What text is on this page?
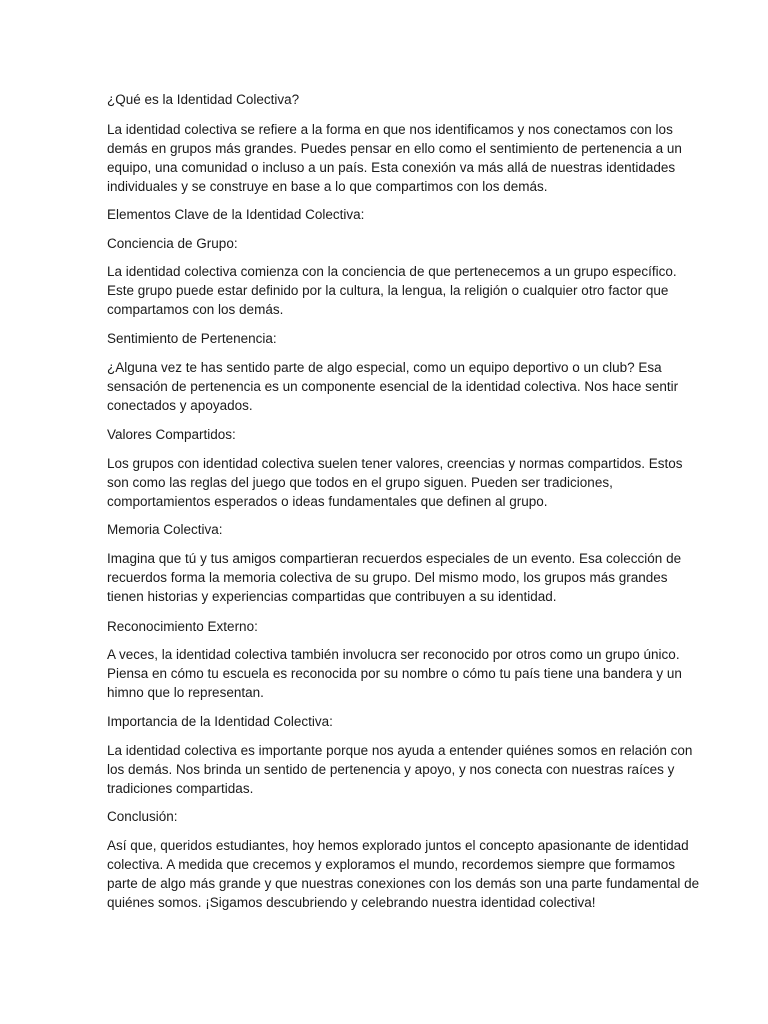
¿Qué es la Identidad Colectiva?

La identidad colectiva se refiere a la forma en que nos identificamos y nos conectamos con los
demás en grupos más grandes. Puedes pensar en ello como el sentimiento de pertenencia a un
equipo, una comunidad o incluso a un país. Esta conexión va más allá de nuestras identidades
individuales y se construye en base a lo que compartimos con los demás.

Elementos Clave de la Identidad Colectiva:

Conciencia de Grupo:

La identidad colectiva comienza con la conciencia de que pertenecemos a un grupo específico.
Este grupo puede estar definido por la cultura, la lengua, la religión o cualquier otro factor que
compartamos con los demás.

Sentimiento de Pertenencia:

¿Alguna vez te has sentido parte de algo especial, como un equipo deportivo o un club? Esa
sensación de pertenencia es un componente esencial de la identidad colectiva. Nos hace sentir
conectados y apoyados.

Valores Compartidos:

Los grupos con identidad colectiva suelen tener valores, creencias y normas compartidos. Estos
son como las reglas del juego que todos en el grupo siguen. Pueden ser tradiciones,
comportamientos esperados o ideas fundamentales que definen al grupo.

Memoria Colectiva:

Imagina que tú y tus amigos compartieran recuerdos especiales de un evento. Esa colección de
recuerdos forma la memoria colectiva de su grupo. Del mismo modo, los grupos más grandes
tienen historias y experiencias compartidas que contribuyen a su identidad.

Reconocimiento Externo:

A veces, la identidad colectiva también involucra ser reconocido por otros como un grupo único.
Piensa en cómo tu escuela es reconocida por su nombre o cómo tu país tiene una bandera y un
himno que lo representan.

Importancia de la Identidad Colectiva:

La identidad colectiva es importante porque nos ayuda a entender quiénes somos en relación con
los demás. Nos brinda un sentido de pertenencia y apoyo, y nos conecta con nuestras raíces y
tradiciones compartidas.

Conclusión:

Así que, queridos estudiantes, hoy hemos explorado juntos el concepto apasionante de identidad
colectiva. A medida que crecemos y exploramos el mundo, recordemos siempre que formamos
parte de algo más grande y que nuestras conexiones con los demás son una parte fundamental de
quiénes somos. ¡Sigamos descubriendo y celebrando nuestra identidad colectiva!
